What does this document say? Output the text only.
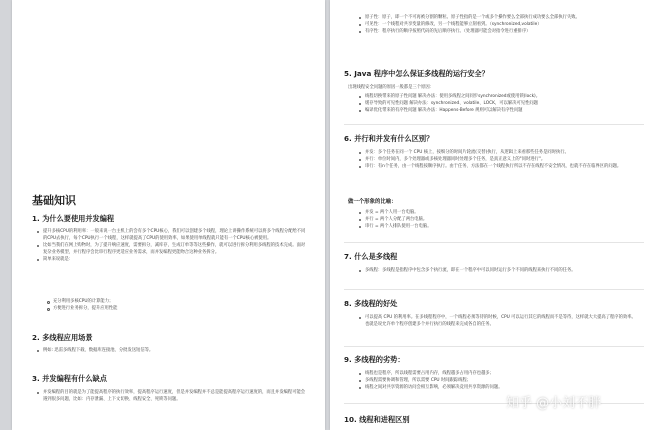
基础知识
1. 为什么要使用并发编程
提升多核CPU的利用率：一般来说一台主机上的会有多个CPU核心，我们可以创建多个线程，理论上讲操作系统可以将多个线程分配给不同的CPU去执行，每个CPU执行一个线程，这样就提高了CPU的使用效率，如果使用单线程就只能有一个CPU核心被使用。
比如当我们在网上购物时，为了提升响应速度，需要拆分，减库存，生成订单等等这些操作，就可以进行拆分利用多线程的技术完成。面对复杂业务模型，并行程序会比串行程序更适应业务需求，而并发编程更能吻合这种业务拆分。
简单来说就是：
充分利用多核CPU的计算能力；
方便进行业务拆分，提升应用性能
2. 多线程应用场景
例如: 迅雷多线程下载、数据库连接池、分批发送短信等。
3. 并发编程有什么缺点
并发编程的目的就是为了能提高程序的执行效率，提高程序运行速度，但是并发编程并不总是能提高程序运行速度的，而且并发编程可能会遇到很多问题，比如：内存泄漏、上下文切换、线程安全、死锁等问题。
原子性：原子，即一个不可再被分割的颗粒。原子性指的是一个或多个操作要么全部执行成功要么全部执行失败。
可见性：一个线程对共享变量的修改，另一个线程能够立刻看到。（synchronized,volatile）
有序性：程序执行的顺序按照代码的先后顺序执行。（处理器可能会对指令进行重排序）
5. Java 程序中怎么保证多线程的运行安全？
出现线程安全问题的原因一般都是三个原因：
线程切换带来的原子性问题 解决办法：使用多线程之间同步synchronized或使用锁(lock)。
缓存导致的可见性问题 解决办法：synchronized、volatile、LOCK，可以解决可见性问题
编译优化带来的有序性问题 解决办法：Happens-Before 规则可以解决有序性问题
6. 并行和并发有什么区别？
并发：多个任务在同一个 CPU 核上，按细分的时间片轮流(交替)执行，从逻辑上来看那些任务是同时执行。
并行：单位时间内，多个处理器或多核处理器同时处理多个任务，是真正意义上的"同时进行"。
串行：有n个任务，由一个线程按顺序执行。由于任务、方法都在一个线程执行所以不存在线程不安全情况，也就不存在临界区的问题。
做一个形象的比喻：
并发 = 两个人用一台电脑。
并行 = 两个人分配了两台电脑。
串行 = 两个人排队使用一台电脑。
7. 什么是多线程
多线程：多线程是指程序中包含多个执行流，即在一个程序中可以同时运行多个不同的线程来执行不同的任务。
8. 多线程的好处
可以提高 CPU 的利用率。在多线程程序中，一个线程必须等待的时候，CPU 可以运行其它的线程而不是等待，这样就大大提高了程序的效率。也就是说允许单个程序创建多个并行执行的线程来完成各自的任务。
9. 多线程的劣势：
线程也是程序，所以线程需要占用内存，线程越多占用内存也越多；
多线程需要协调和管理，所以需要 CPU 时间跟踪线程；
线程之间对共享资源的访问会相互影响，必须解决竞用共享资源的问题。
10. 线程和进程区别
知乎 @小刘不胖
